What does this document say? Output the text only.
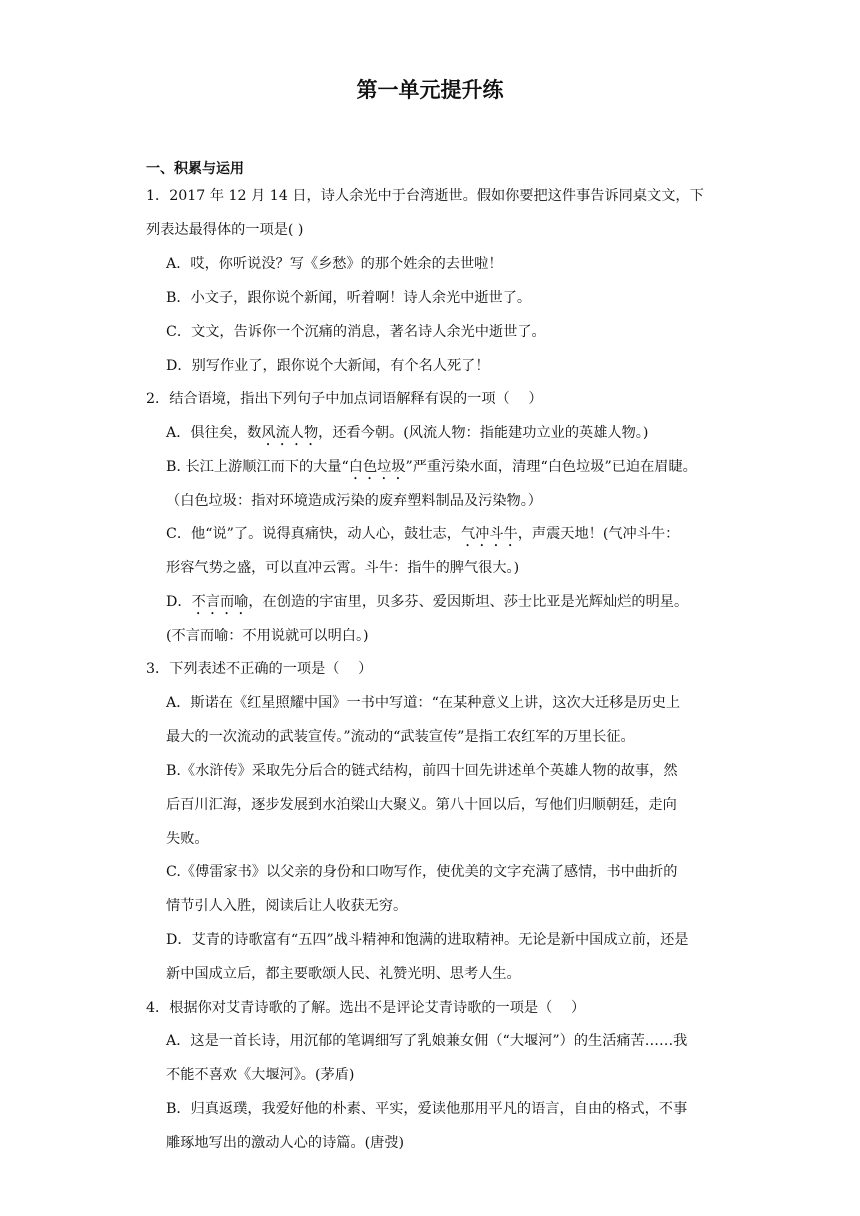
第一单元提升练
一、积累与运用
1．2017 年 12 月 14 日，诗人余光中于台湾逝世。假如你要把这件事告诉同桌文文，下
列表达最得体的一项是( )
A．哎，你听说没？写《乡愁》的那个姓余的去世啦！
B．小文子，跟你说个新闻，听着啊！诗人余光中逝世了。
C．文文，告诉你一个沉痛的消息，著名诗人余光中逝世了。
D．别写作业了，跟你说个大新闻，有个名人死了！
2．结合语境，指出下列句子中加点词语解释有误的一项（　 ）
A．俱往矣，数风流人物，还看今朝。(风流人物：指能建功立业的英雄人物。)
B. 长江上游顺江而下的大量“白色垃圾”严重污染水面，清理“白色垃圾”已迫在眉睫。
（白色垃圾：指对环境造成污染的废弃塑料制品及污染物。）
C．他“说”了。说得真痛快，动人心，鼓壮志，气冲斗牛，声震天地！(气冲斗牛：
形容气势之盛，可以直冲云霄。斗牛：指牛的脾气很大。)
D．不言而喻，在创造的宇宙里，贝多芬、爱因斯坦、莎士比亚是光辉灿烂的明星。
(不言而喻：不用说就可以明白。)
3．下列表述不正确的一项是（　 ）
A．斯诺在《红星照耀中国》一书中写道：“在某种意义上讲，这次大迁移是历史上
最大的一次流动的武装宣传。”流动的“武装宣传”是指工农红军的万里长征。
B.《水浒传》采取先分后合的链式结构，前四十回先讲述单个英雄人物的故事，然
后百川汇海，逐步发展到水泊梁山大聚义。第八十回以后，写他们归顺朝廷，走向
失败。
C.《傅雷家书》以父亲的身份和口吻写作，使优美的文字充满了感情，书中曲折的
情节引人入胜，阅读后让人收获无穷。
D．艾青的诗歌富有“五四”战斗精神和饱满的进取精神。无论是新中国成立前，还是
新中国成立后，都主要歌颂人民、礼赞光明、思考人生。
4．根据你对艾青诗歌的了解。选出不是评论艾青诗歌的一项是（　 ）
A．这是一首长诗，用沉郁的笔调细写了乳娘兼女佣（“大堰河”）的生活痛苦……我
不能不喜欢《大堰河》。(茅盾)
B．归真返璞，我爱好他的朴素、平实，爱读他那用平凡的语言，自由的格式，不事
雕琢地写出的激动人心的诗篇。(唐弢)
